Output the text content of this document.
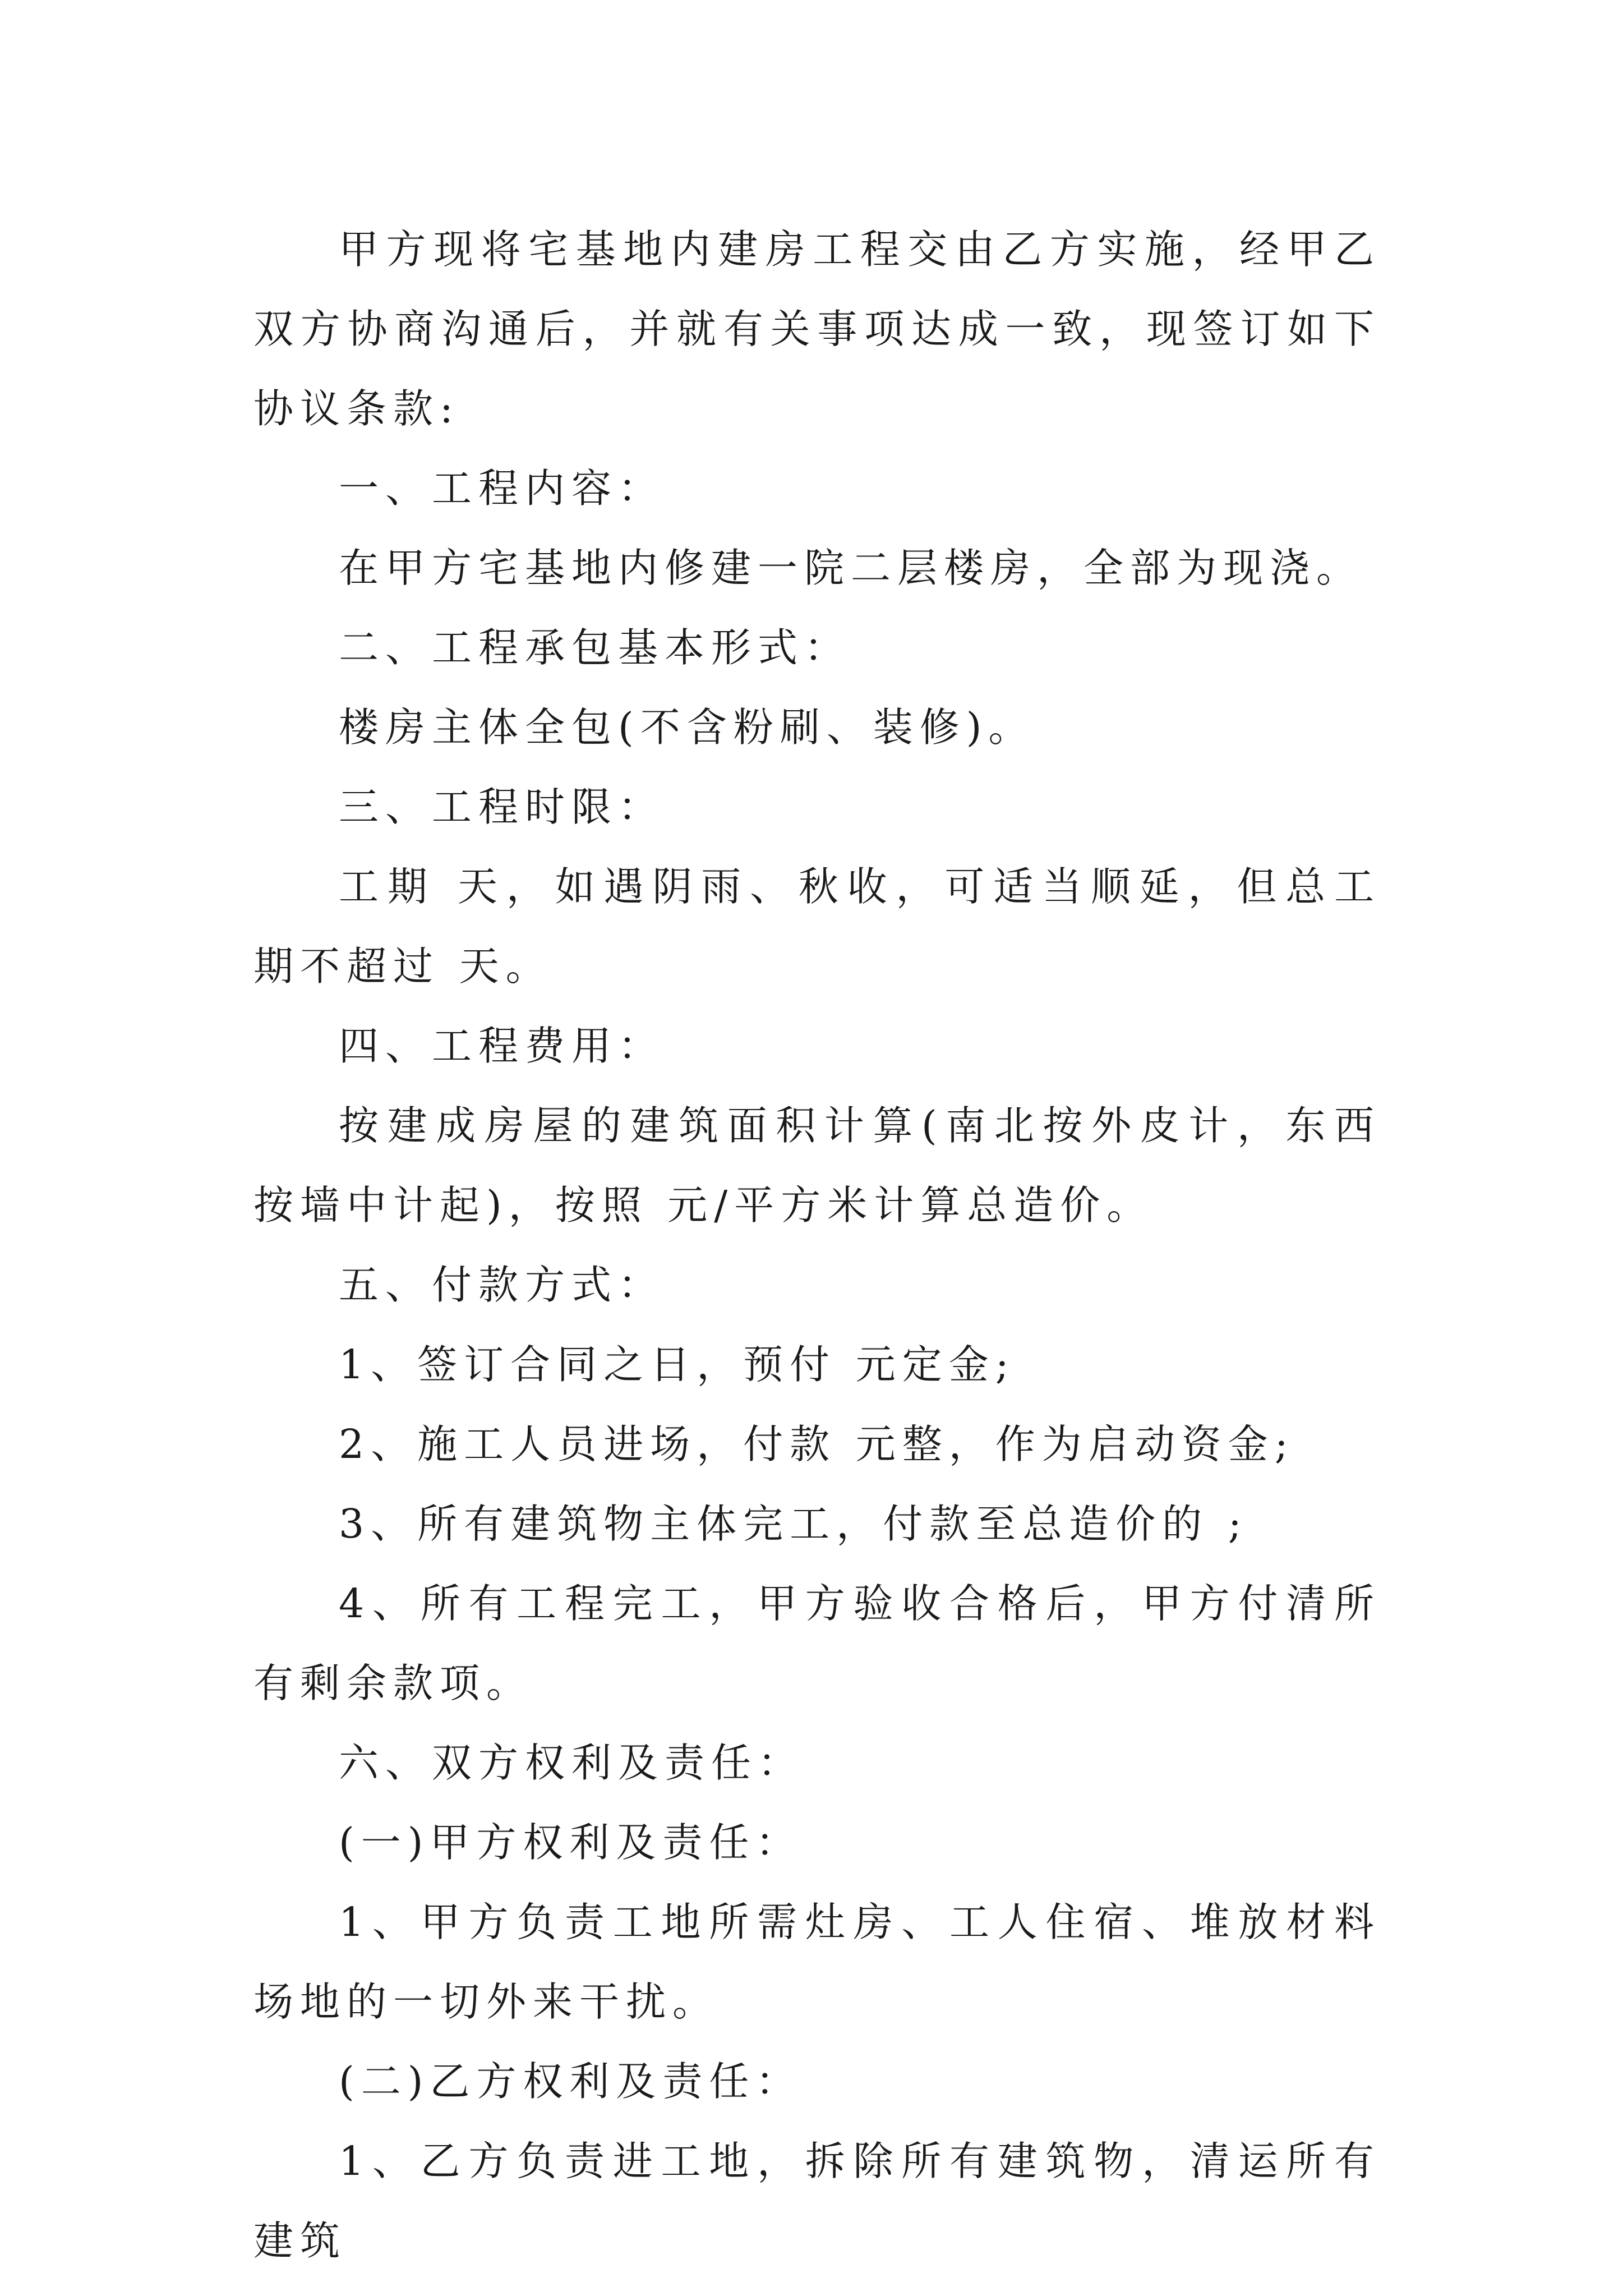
甲方现将宅基地内建房工程交由乙方实施，经甲乙双方协商沟通后，并就有关事项达成一致，现签订如下协议条款:

一、工程内容：

在甲方宅基地内修建一院二层楼房，全部为现浇。

二、工程承包基本形式：

楼房主体全包(不含粉刷、装修)。

三、工程时限：

工期 天，如遇阴雨、秋收，可适当顺延，但总工期不超过 天。

四、工程费用：

按建成房屋的建筑面积计算(南北按外皮计，东西按墙中计起)，按照 元/平方米计算总造价。

五、付款方式：

1、签订合同之日，预付 元定金;

2、施工人员进场，付款 元整，作为启动资金;

3、所有建筑物主体完工，付款至总造价的 ;

4、所有工程完工，甲方验收合格后，甲方付清所有剩余款项。

六、双方权利及责任：

(一)甲方权利及责任：

1、甲方负责工地所需灶房、工人住宿、堆放材料场地的一切外来干扰。

(二)乙方权利及责任：

1、乙方负责进工地，拆除所有建筑物，清运所有建筑
